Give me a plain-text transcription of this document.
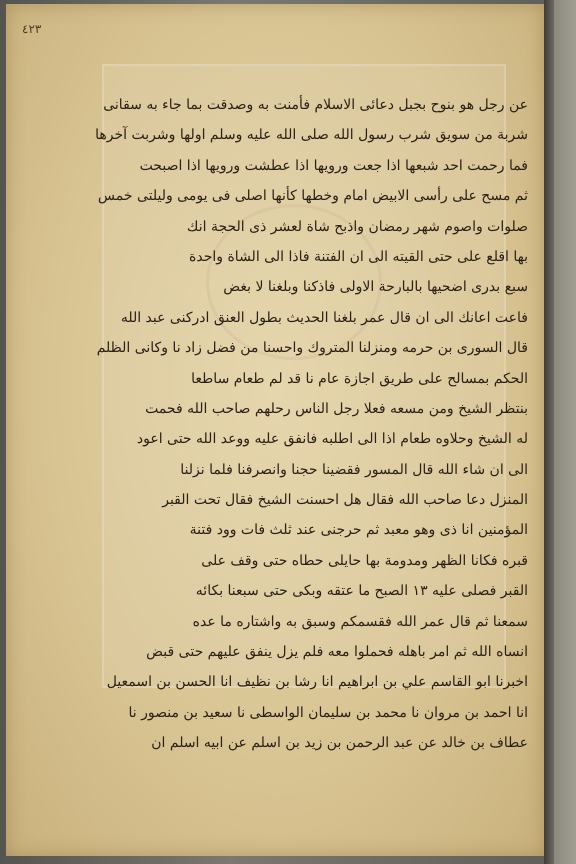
٤٢٣
عن رجل هو بنوح بجبل دعائى الاسلام فأمنت به وصدقت بما جاء به سقانى
شربة من سويق شرب رسول الله صلى الله عليه وسلم اولها وشربت آخرها
فما رحمت احد شبعها اذا جعت ورويها اذا عطشت ورويها اذا اصبحت
ثم مسح على رأسى الابيض امام وخطها كأنها اصلى فى يومى وليلتى خمس
صلوات واصوم شهر رمضان واذبح شاة لعشر ذى الحجة انك
بها اقلع على حتى القيته الى ان الفتنة فاذا الى الشاة واحدة
سبع بدرى اضحيها بالبارحة الاولى فاذكنا وبلغنا لا بغض
فاعت اعانك الى ان قال عمر بلغنا الحديث بطول العنق ادركنى عبد الله
قال السورى بن حرمه ومنزلنا المتروك واحسنا من فضل زاد نا وكانى الظلم
الحكم بمسالح على طريق اجازة عام نا قد لم طعام ساطعا
بنتظر الشيخ ومن مسعه فعلا رجل الناس رحلهم صاحب الله فحمت
له الشيخ وحلاوه طعام اذا الى اطلبه فانفق عليه ووعد الله حتى اعود
الى ان شاء الله قال المسور فقضينا حجنا وانصرفنا فلما نزلنا
المنزل دعا صاحب الله فقال هل احسنت الشيخ فقال تحت القبر
المؤمنين انا ذى وهو معبد ثم حرجنى عند ثلث فات وود فتنة
قبره فكانا الظهر ومدومة بها حايلى حطاه حتى وقف على
القبر فصلى عليه ١٣ الصبح ما عتقه وبكى حتى سبعنا بكائه
سمعنا ثم قال عمر الله فقسمكم وسبق به واشتاره ما عده
انساه الله ثم امر باهله فحملوا معه فلم يزل ينفق عليهم حتى قبض
اخبرنا ابو القاسم علي بن ابراهيم انا رشا بن نظيف انا الحسن بن اسمعيل
انا احمد بن مروان نا محمد بن سليمان الواسطى نا سعيد بن منصور نا
عطاف بن خالد عن عبد الرحمن بن زيد بن اسلم عن ابيه اسلم ان
